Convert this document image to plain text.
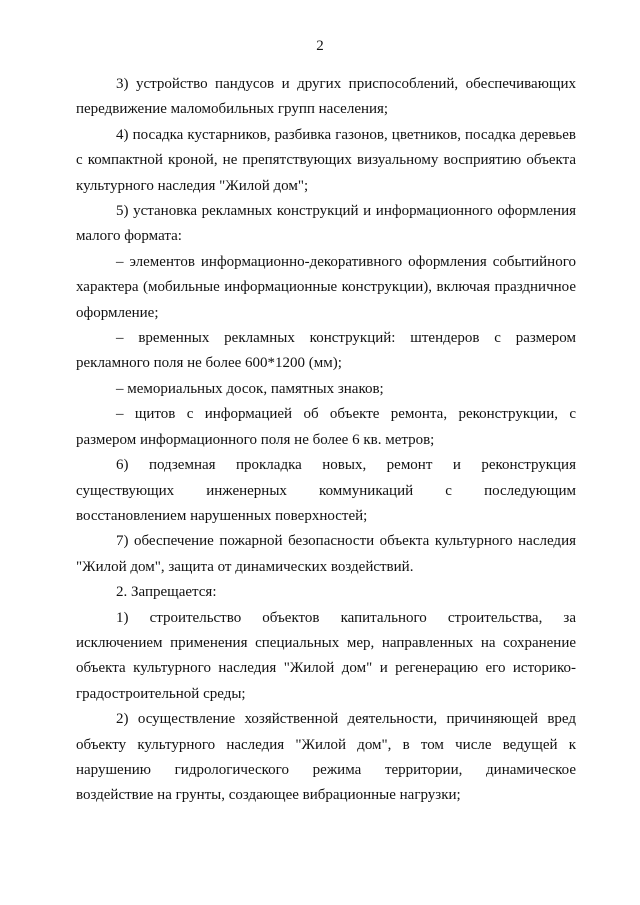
2

3) устройство пандусов и других приспособлений, обеспечивающих передвижение маломобильных групп населения;

4) посадка кустарников, разбивка газонов, цветников, посадка деревьев с компактной кроной, не препятствующих визуальному восприятию объекта культурного наследия "Жилой дом";

5) установка рекламных конструкций и информационного оформления малого формата:

– элементов информационно-декоративного оформления событийного характера (мобильные информационные конструкции), включая праздничное оформление;

– временных рекламных конструкций: штендеров с размером рекламного поля не более 600*1200 (мм);

– мемориальных досок, памятных знаков;

– щитов с информацией об объекте ремонта, реконструкции, с размером информационного поля не более 6 кв. метров;

6) подземная прокладка новых, ремонт и реконструкция существующих инженерных коммуникаций с последующим восстановлением нарушенных поверхностей;

7) обеспечение пожарной безопасности объекта культурного наследия "Жилой дом", защита от динамических воздействий.

2. Запрещается:

1) строительство объектов капитального строительства, за исключением применения специальных мер, направленных на сохранение объекта культурного наследия "Жилой дом" и регенерацию его историко-градостроительной среды;

2) осуществление хозяйственной деятельности, причиняющей вред объекту культурного наследия "Жилой дом", в том числе ведущей к нарушению гидрологического режима территории, динамическое воздействие на грунты, создающее вибрационные нагрузки;
